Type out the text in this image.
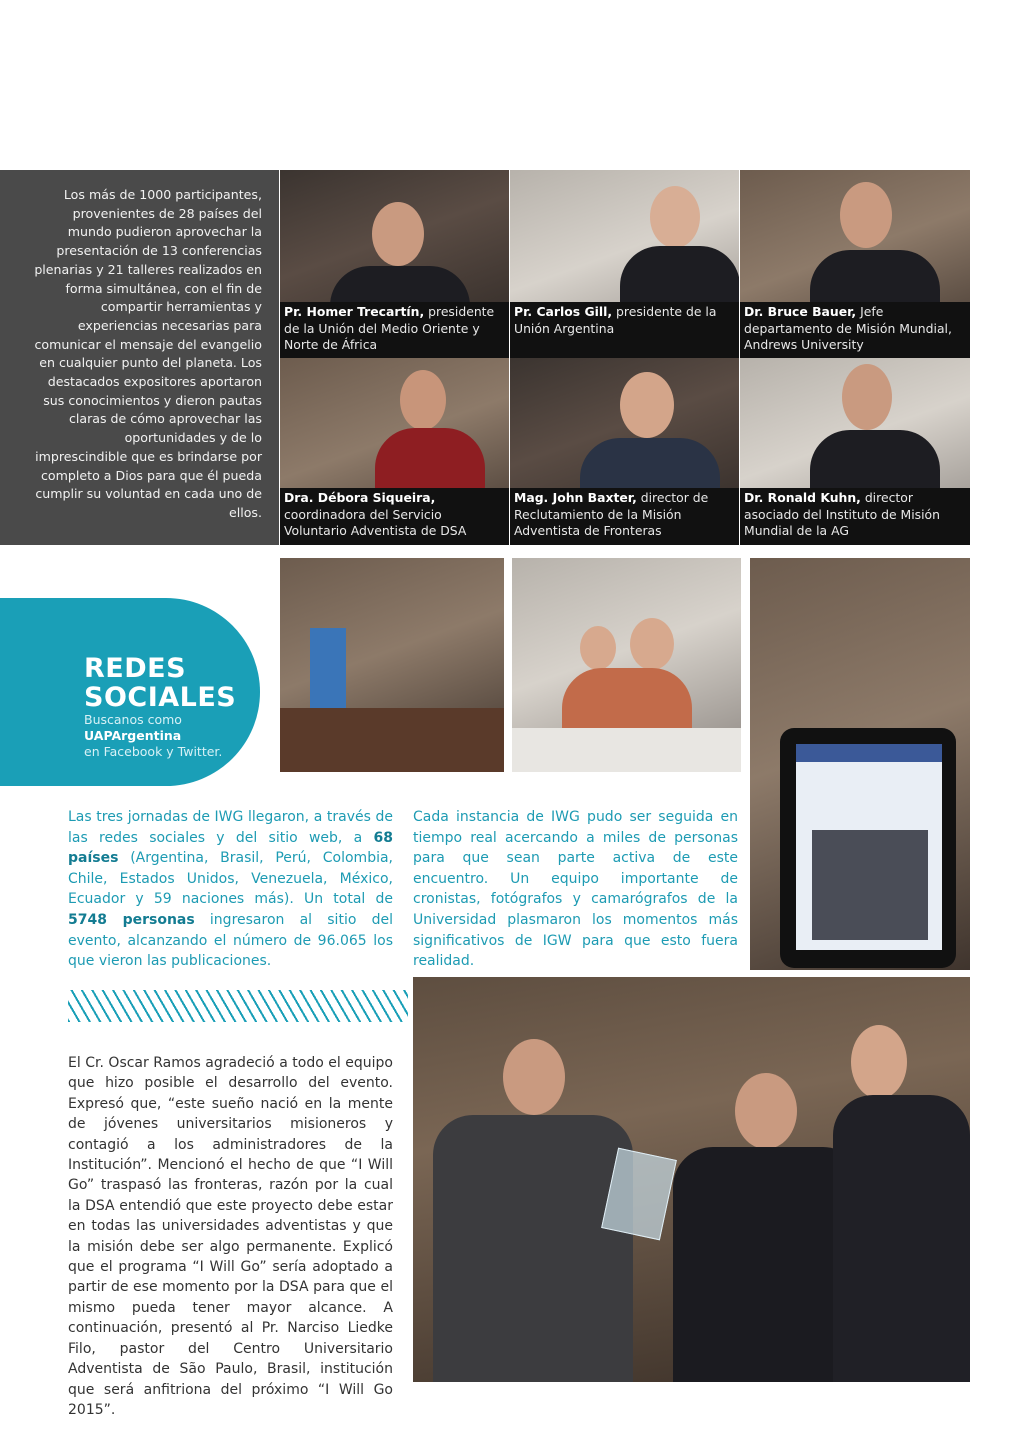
Los más de 1000 participantes, provenientes de 28 países del mundo pudieron aprovechar la presentación de 13 conferencias plenarias y 21 talleres realizados en forma simultánea, con el fin de compartir herramientas y experiencias necesarias para comunicar el mensaje del evangelio en cualquier punto del planeta. Los destacados expositores aportaron sus conocimientos y dieron pautas claras de cómo aprovechar las oportunidades y de lo imprescindible que es brindarse por completo a Dios para que él pueda cumplir su voluntad en cada uno de ellos.
Pr. Homer Trecartín, presidente de la Unión del Medio Oriente y Norte de África
Pr. Carlos Gill, presidente de la Unión Argentina
Dr. Bruce Bauer, Jefe departamento de Misión Mundial, Andrews University
Dra. Débora Siqueira, coordinadora del Servicio Voluntario Adventista de DSA
Mag. John Baxter, director de Reclutamiento de la Misión Adventista de Fronteras
Dr. Ronald Kuhn, director asociado del Instituto de Misión Mundial de la AG
REDES
SOCIALES
Buscanos como
UAPArgentina
en Facebook y Twitter.
Las tres jornadas de IWG llegaron, a través de las redes sociales y del sitio web, a 68 países (Argentina, Brasil, Perú, Colombia, Chile, Estados Unidos, Venezuela, México, Ecuador y 59 naciones más). Un total de 5748 personas ingresaron al sitio del evento, alcanzando el número de 96.065 los que vieron las publicaciones.
Cada instancia de IWG pudo ser seguida en tiempo real acercando a miles de personas para que sean parte activa de este encuentro. Un equipo importante de cronistas, fotógrafos y camarógrafos de la Universidad plasmaron los momentos más significativos de IGW para que esto fuera realidad.
El Cr. Oscar Ramos agradeció a todo el equipo que hizo posible el desarrollo del evento. Expresó que, “este sueño nació en la mente de jóvenes universitarios misioneros y contagió a los administradores de la Institución”. Mencionó el hecho de que “I Will Go” traspasó las fronteras, razón por la cual la DSA entendió que este proyecto debe estar en todas las universidades adventistas y que la misión debe ser algo permanente. Explicó que el programa “I Will Go” sería adoptado a partir de ese momento por la DSA para que el mismo pueda tener mayor alcance. A continuación, presentó al Pr. Narciso Liedke Filo, pastor del Centro Universitario Adventista de São Paulo, Brasil, institución que será anfitriona del próximo “I Will Go 2015”.
